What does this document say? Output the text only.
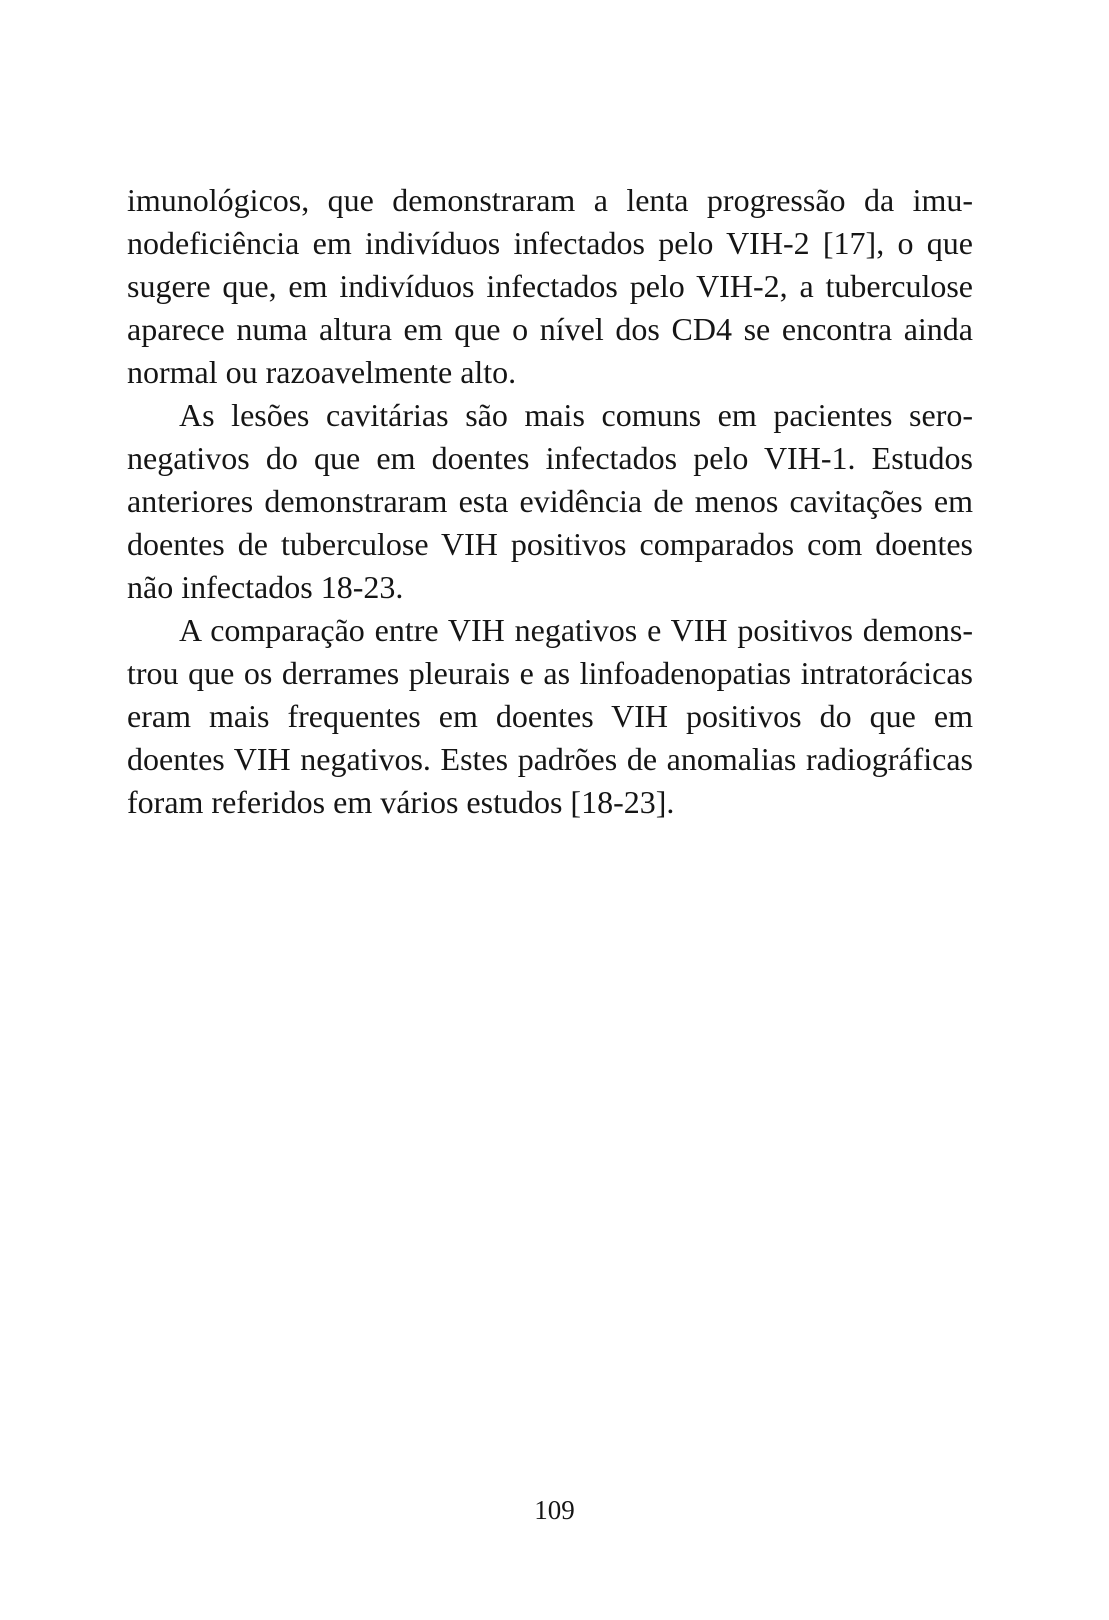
imunológicos, que demonstraram a lenta progressão da imu-
nodeficiência em indivíduos infectados pelo VIH-2 [17], o que
sugere que, em indivíduos infectados pelo VIH-2, a tuberculose
aparece numa altura em que o nível dos CD4 se encontra ainda
normal ou razoavelmente alto.
As lesões cavitárias são mais comuns em pacientes sero-
negativos do que em doentes infectados pelo VIH-1. Estudos
anteriores demonstraram esta evidência de menos cavitações em
doentes de tuberculose VIH positivos comparados com doentes
não infectados 18-23.
A comparação entre VIH negativos e VIH positivos demons-
trou que os derrames pleurais e as linfoadenopatias intratorácicas
eram mais frequentes em doentes VIH positivos do que em
doentes VIH negativos. Estes padrões de anomalias radiográficas
foram referidos em vários estudos [18-23].
109
